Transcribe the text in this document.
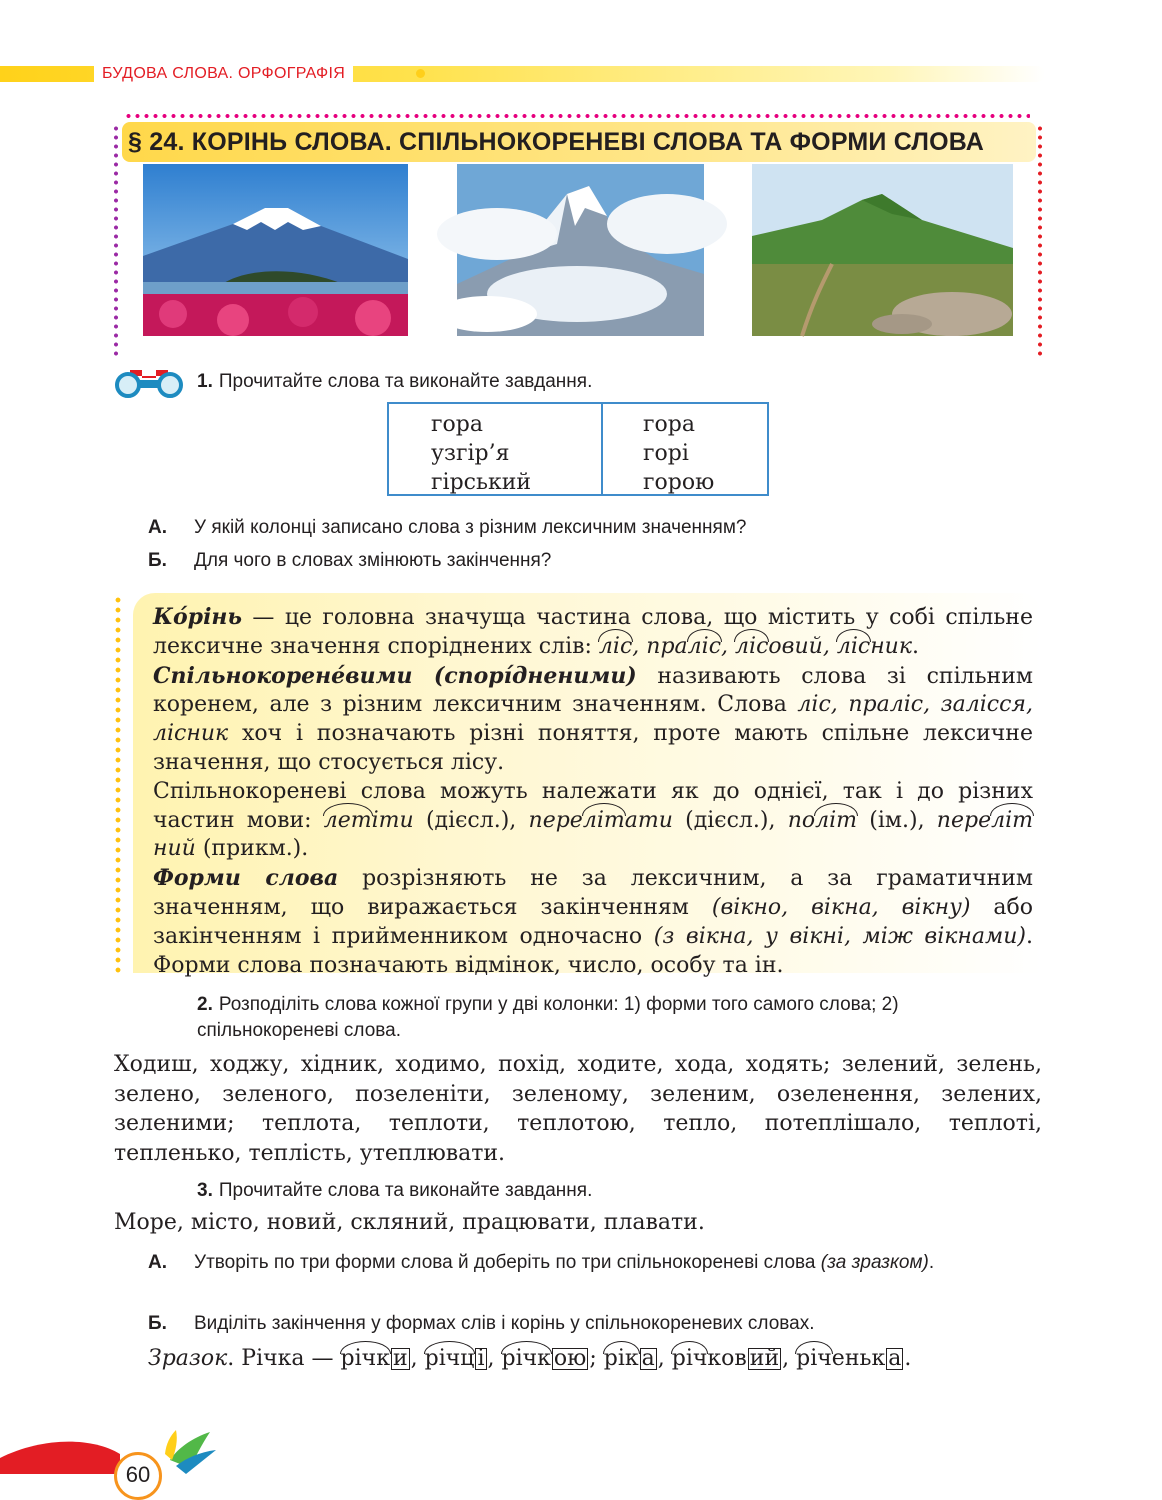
БУДОВА СЛОВА. ОРФОГРАФІЯ
§ 24. КОРІНЬ СЛОВА. СПІЛЬНОКОРЕНЕВІ СЛОВА ТА ФОРМИ СЛОВА
1. Прочитайте слова та виконайте завдання.
гора
узгір’я
гірський
гора
горі
горою
А. У якій колонці записано слова з різним лексичним значенням?
Б. Для чого в словах змінюють закінчення?

Ко́рінь — це головна значуща частина слова, що містить у собі спільне лексичне значення споріднених слів: ліс, праліс, лісовий, лісник.

Спільнокорене́вими (спорі́дненими) називають слова зі спільним коренем, але з різним лексичним значенням. Слова ліс, праліс, залісся, лісник хоч і позначають різні поняття, проте мають спільне лексичне значення, що стосується лісу.

Спільнокореневі слова можуть належати як до однієї, так і до різних частин мови: летіти (дієсл.), перелітати (дієсл.), політ (ім.), перелітний (прикм.).

Форми слова розрізняють не за лексичним, а за граматичним значенням, що виражається закінченням (вікно, вікна, вікну) або закінченням і прийменником одночасно (з вікна, у вікні, між вікнами). Форми слова позначають відмінок, число, особу та ін.

2. Розподіліть слова кожної групи у дві колонки: 1) форми того самого слова; 2) спільнокореневі слова.
Ходиш, ходжу, хідник, ходимо, похід, ходите, хода, ходять; зелений, зелень, зелено, зеленого, позеленіти, зеленому, зеленим, озеленення, зелених, зеленими; теплота, теплоти, теплотою, тепло, потеплішало, теплоті, тепленько, теплість, утеплювати.
3. Прочитайте слова та виконайте завдання.
Море, місто, новий, скляний, працювати, плавати.
А. Утворіть по три форми слова й доберіть по три спільнокореневі слова (за зразком).
Б. Виділіть закінчення у формах слів і корінь у спільнокореневих словах.
Зразок. Річка — річк и , річц і , річк ою ; рік а , річков ий , річеньк а .
60
